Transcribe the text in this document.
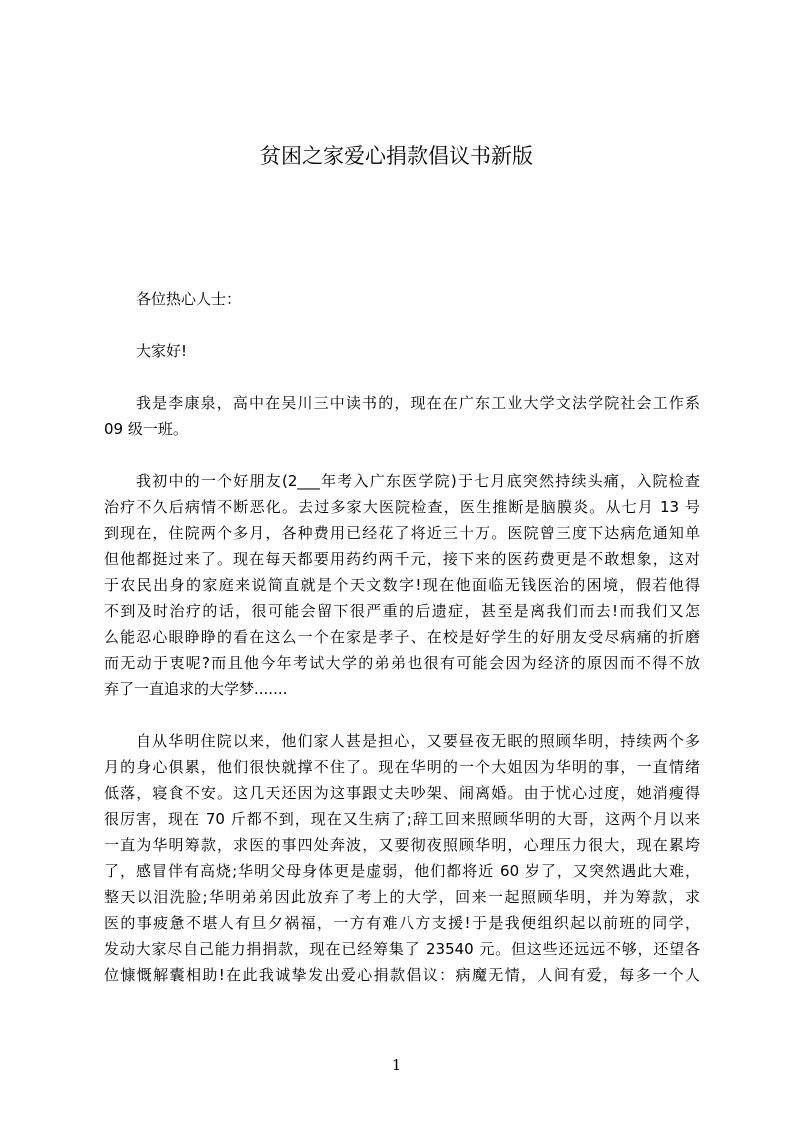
贫困之家爱心捐款倡议书新版
各位热心人士：
大家好!
我是李康泉，高中在吴川三中读书的，现在在广东工业大学文法学院社会工作系
09 级一班。
我初中的一个好朋友(2___年考入广东医学院)于七月底突然持续头痛，入院检查
治疗不久后病情不断恶化。去过多家大医院检查，医生推断是脑膜炎。从七月 13 号
到现在，住院两个多月，各种费用已经花了将近三十万。医院曾三度下达病危通知单
但他都挺过来了。现在每天都要用药约两千元，接下来的医药费更是不敢想象，这对
于农民出身的家庭来说简直就是个天文数字!现在他面临无钱医治的困境，假若他得
不到及时治疗的话，很可能会留下很严重的后遗症，甚至是离我们而去!而我们又怎
么能忍心眼睁睁的看在这么一个在家是孝子、在校是好学生的好朋友受尽病痛的折磨
而无动于衷呢?而且他今年考试大学的弟弟也很有可能会因为经济的原因而不得不放
弃了一直追求的大学梦.......
自从华明住院以来，他们家人甚是担心，又要昼夜无眠的照顾华明，持续两个多
月的身心俱累，他们很快就撑不住了。现在华明的一个大姐因为华明的事，一直情绪
低落，寝食不安。这几天还因为这事跟丈夫吵架、闹离婚。由于忧心过度，她消瘦得
很厉害，现在 70 斤都不到，现在又生病了;辞工回来照顾华明的大哥，这两个月以来
一直为华明筹款，求医的事四处奔波，又要彻夜照顾华明，心理压力很大，现在累垮
了，感冒伴有高烧;华明父母身体更是虚弱，他们都将近 60 岁了，又突然遇此大难，
整天以泪洗脸;华明弟弟因此放弃了考上的大学，回来一起照顾华明，并为筹款，求
医的事疲惫不堪人有旦夕祸福，一方有难八方支援!于是我便组织起以前班的同学，
发动大家尽自己能力捐捐款，现在已经筹集了 23540 元。但这些还远远不够，还望各
位慷慨解囊相助!在此我诚挚发出爱心捐款倡议：病魔无情，人间有爱，每多一个人
1
